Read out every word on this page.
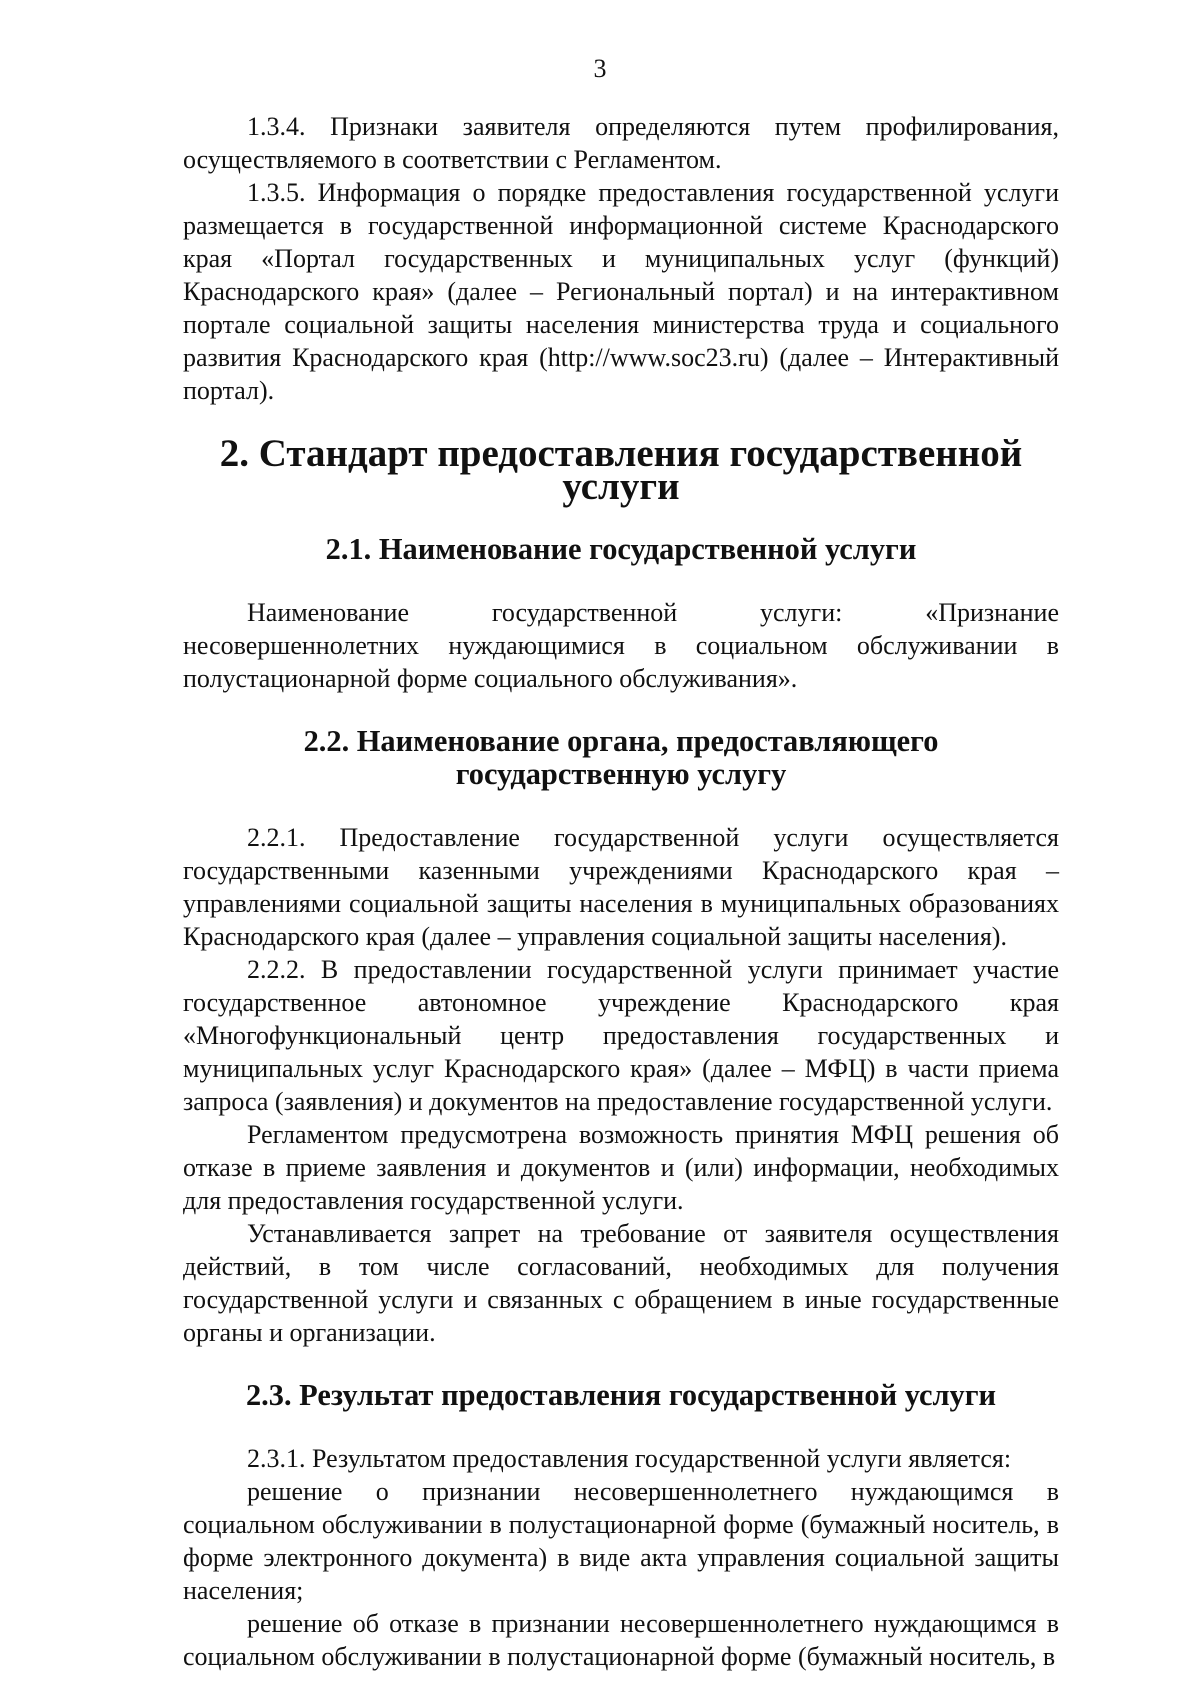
3

1.3.4. Признаки заявителя определяются путем профилирования, осуществляемого в соответствии с Регламентом.

1.3.5. Информация о порядке предоставления государственной услуги размещается в государственной информационной системе Краснодарского края «Портал государственных и муниципальных услуг (функций) Краснодарского края» (далее – Региональный портал) и на интерактивном портале социальной защиты населения министерства труда и социального развития Краснодарского края (http://www.soc23.ru) (далее – Интерактивный портал).

2. Стандарт предоставления государственной услуги
2.1. Наименование государственной услуги

Наименование государственной услуги: «Признание несовершеннолетних нуждающимися в социальном обслуживании в полустационарной форме социального обслуживания».

2.2. Наименование органа, предоставляющего
государственную услугу

2.2.1. Предоставление государственной услуги осуществляется государственными казенными учреждениями Краснодарского края – управлениями социальной защиты населения в муниципальных образованиях Краснодарского края (далее – управления социальной защиты населения).

2.2.2. В предоставлении государственной услуги принимает участие государственное автономное учреждение Краснодарского края «Многофункциональный центр предоставления государственных и муниципальных услуг Краснодарского края» (далее – МФЦ) в части приема запроса (заявления) и документов на предоставление государственной услуги.

Регламентом предусмотрена возможность принятия МФЦ решения об отказе в приеме заявления и документов и (или) информации, необходимых для предоставления государственной услуги.

Устанавливается запрет на требование от заявителя осуществления действий, в том числе согласований, необходимых для получения государственной услуги и связанных с обращением в иные государственные органы и организации.

2.3. Результат предоставления государственной услуги

2.3.1. Результатом предоставления государственной услуги является:

решение о признании несовершеннолетнего нуждающимся в социальном обслуживании в полустационарной форме (бумажный носитель, в форме электронного документа) в виде акта управления социальной защиты населения;

решение об отказе в признании несовершеннолетнего нуждающимся в социальном обслуживании в полустационарной форме (бумажный носитель, в
